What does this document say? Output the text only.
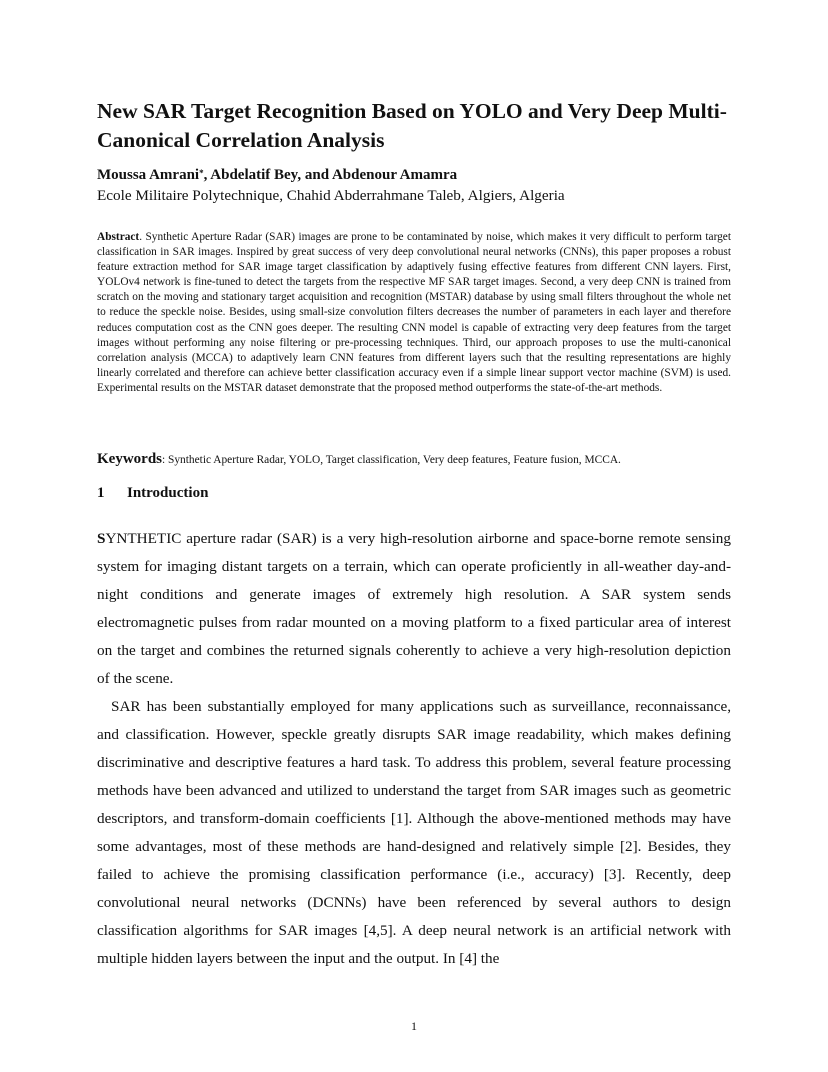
New SAR Target Recognition Based on YOLO and Very Deep Multi-Canonical Correlation Analysis
Moussa Amrani*, Abdelatif Bey, and Abdenour Amamra
Ecole Militaire Polytechnique, Chahid Abderrahmane Taleb, Algiers, Algeria

Abstract. Synthetic Aperture Radar (SAR) images are prone to be contaminated by noise, which makes it very difficult to perform target classification in SAR images. Inspired by great success of very deep convolutional neural networks (CNNs), this paper proposes a robust feature extraction method for SAR image target classification by adaptively fusing effective features from different CNN layers. First, YOLOv4 network is fine-tuned to detect the targets from the respective MF SAR target images. Second, a very deep CNN is trained from scratch on the moving and stationary target acquisition and recognition (MSTAR) database by using small filters throughout the whole net to reduce the speckle noise. Besides, using small-size convolution filters decreases the number of parameters in each layer and therefore reduces computation cost as the CNN goes deeper. The resulting CNN model is capable of extracting very deep features from the target images without performing any noise filtering or pre-processing techniques. Third, our approach proposes to use the multi-canonical correlation analysis (MCCA) to adaptively learn CNN features from different layers such that the resulting representations are highly linearly correlated and therefore can achieve better classification accuracy even if a simple linear support vector machine (SVM) is used. Experimental results on the MSTAR dataset demonstrate that the proposed method outperforms the state-of-the-art methods.

Keywords: Synthetic Aperture Radar, YOLO, Target classification, Very deep features, Feature fusion, MCCA.
1 Introduction

SYNTHETIC aperture radar (SAR) is a very high-resolution airborne and space-borne remote sensing system for imaging distant targets on a terrain, which can operate proficiently in all-weather day-and-night conditions and generate images of extremely high resolution. A SAR system sends electromagnetic pulses from radar mounted on a moving platform to a fixed particular area of interest on the target and combines the returned signals coherently to achieve a very high-resolution depiction of the scene.

SAR has been substantially employed for many applications such as surveillance, reconnaissance, and classification. However, speckle greatly disrupts SAR image readability, which makes defining discriminative and descriptive features a hard task. To address this problem, several feature processing methods have been advanced and utilized to understand the target from SAR images such as geometric descriptors, and transform-domain coefficients [1]. Although the above-mentioned methods may have some advantages, most of these methods are hand-designed and relatively simple [2]. Besides, they failed to achieve the promising classification performance (i.e., accuracy) [3]. Recently, deep convolutional neural networks (DCNNs) have been referenced by several authors to design classification algorithms for SAR images [4,5]. A deep neural network is an artificial network with multiple hidden layers between the input and the output. In [4] the

1
